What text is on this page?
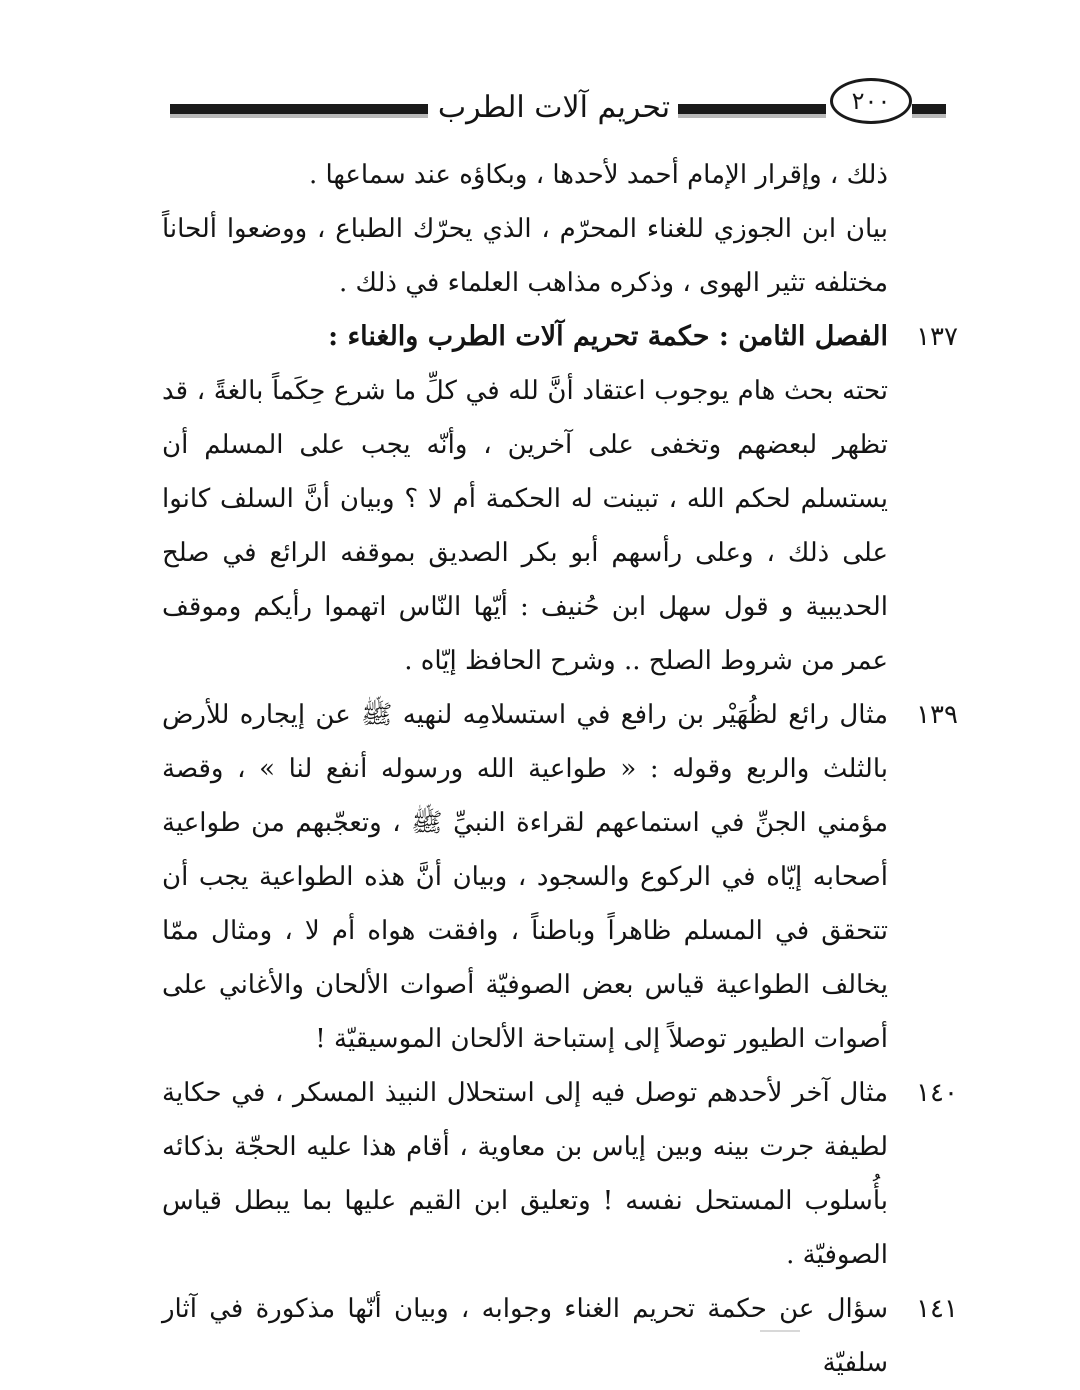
تحريم آلات الطرب	٢٠٠

ذلك ، وإقرار الإمام أحمد لأحدها ، وبكاؤه عند سماعها .

بيان ابن الجوزي للغناء المحرّم ، الذي يحرّك الطباع ، ووضعوا ألحاناً مختلفه تثير الهوى ، وذكره مذاهب العلماء في ذلك .

١٣٧
الفصل الثامن : حكمة تحريم آلات الطرب والغناء :

تحته بحث هام يوجوب اعتقاد أنَّ لله في كلِّ ما شرع حِكَماً بالغةً ، قد تظهر لبعضهم وتخفى على آخرين ، وأنّه يجب على المسلم أن يستسلم لحكم الله ، تبينت له الحكمة أم لا ؟ وبيان أنَّ السلف كانوا على ذلك ، وعلى رأسهم أبو بكر الصديق بموقفه الرائع في صلح الحديبية و قول سهل ابن حُنيف : أيّها النّاس اتهموا رأيكم وموقف عمر من شروط الصلح .. وشرح الحافظ إيّاه .

١٣٩

مثال رائع لظُهَيْر بن رافع في استسلامِه لنهيه ﷺ عن إيجاره للأرض بالثلث والربع وقوله : « طواعية الله ورسوله أنفع لنا » ، وقصة مؤمني الجنِّ في استماعهم لقراءة النبيِّ ﷺ ، وتعجّبهم من طواعية أصحابه إيّاه في الركوع والسجود ، وبيان أنَّ هذه الطواعية يجب أن تتحقق في المسلم ظاهراً وباطناً ، وافقت هواه أم لا ، ومثال ممّا يخالف الطواعية قياس بعض الصوفيّة أصوات الألحان والأغاني على أصوات الطيور توصلاً إلى إستباحة الألحان الموسيقيّة !

١٤٠

مثال آخر لأحدهم توصل فيه إلى استحلال النبيذ المسكر ، في حكاية لطيفة جرت بينه وبين إياس بن معاوية ، أقام هذا عليه الحجّة بذكائه بأُسلوب المستحل نفسه ! وتعليق ابن القيم عليها بما يبطل قياس الصوفيّة .

١٤١

سؤال عن حكمة تحريم الغناء وجوابه ، وبيان أنّها مذكورة في آثار سلفيّة
